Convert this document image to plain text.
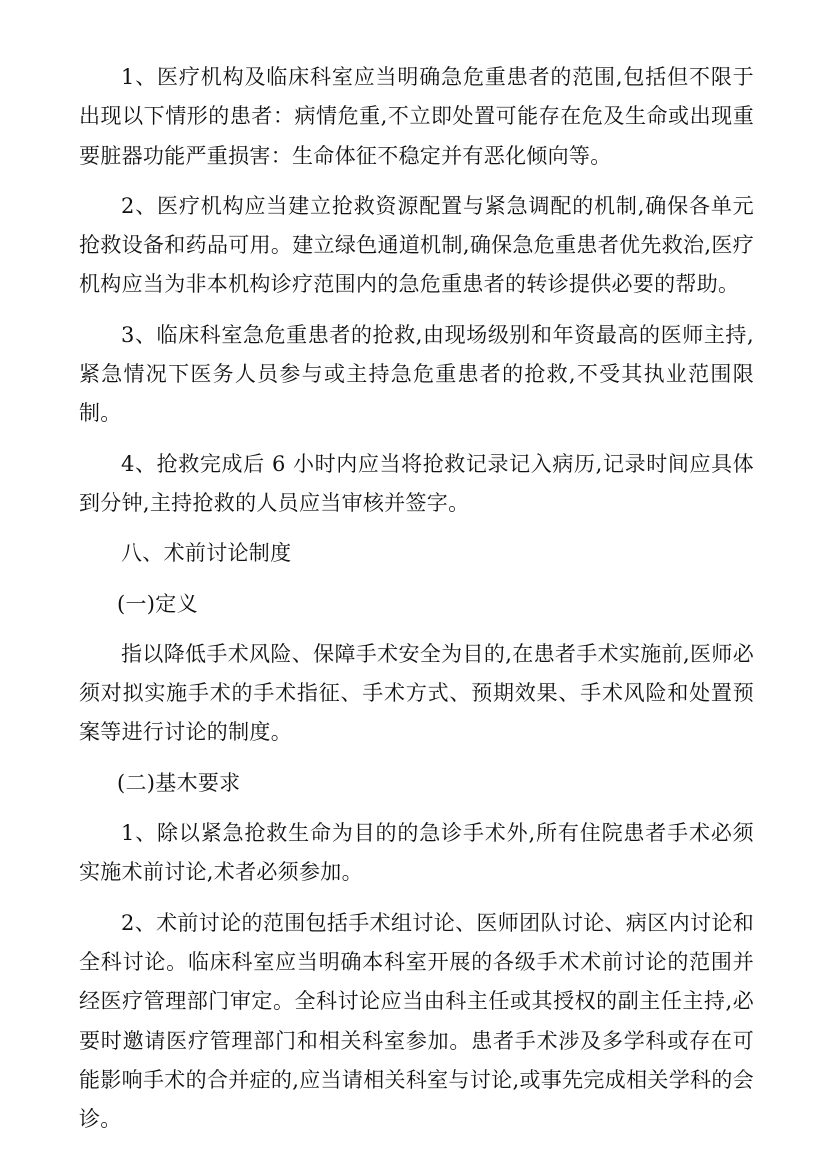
1、医疗机构及临床科室应当明确急危重患者的范围,包括但不限于出现以下情形的患者：病情危重,不立即处置可能存在危及生命或出现重要脏器功能严重损害：生命体征不稳定并有恶化倾向等。

2、医疗机构应当建立抢救资源配置与紧急调配的机制,确保各单元抢救设备和药品可用。建立绿色通道机制,确保急危重患者优先救治,医疗机构应当为非本机构诊疗范围内的急危重患者的转诊提供必要的帮助。

3、临床科室急危重患者的抢救,由现场级别和年资最高的医师主持,紧急情况下医务人员参与或主持急危重患者的抢救,不受其执业范围限制。

4、抢救完成后 6 小时内应当将抢救记录记入病历,记录时间应具体到分钟,主持抢救的人员应当审核并签字。

八、术前讨论制度

(一)定义

指以降低手术风险、保障手术安全为目的,在患者手术实施前,医师必须对拟实施手术的手术指征、手术方式、预期效果、手术风险和处置预案等进行讨论的制度。

(二)基木要求

1、除以紧急抢救生命为目的的急诊手术外,所有住院患者手术必须实施术前讨论,术者必须参加。

2、术前讨论的范围包括手术组讨论、医师团队讨论、病区内讨论和全科讨论。临床科室应当明确本科室开展的各级手术术前讨论的范围并经医疗管理部门审定。全科讨论应当由科主任或其授权的副主任主持,必要时邀请医疗管理部门和相关科室参加。患者手术涉及多学科或存在可能影响手术的合并症的,应当请相关科室与讨论,或事先完成相关学科的会诊。
